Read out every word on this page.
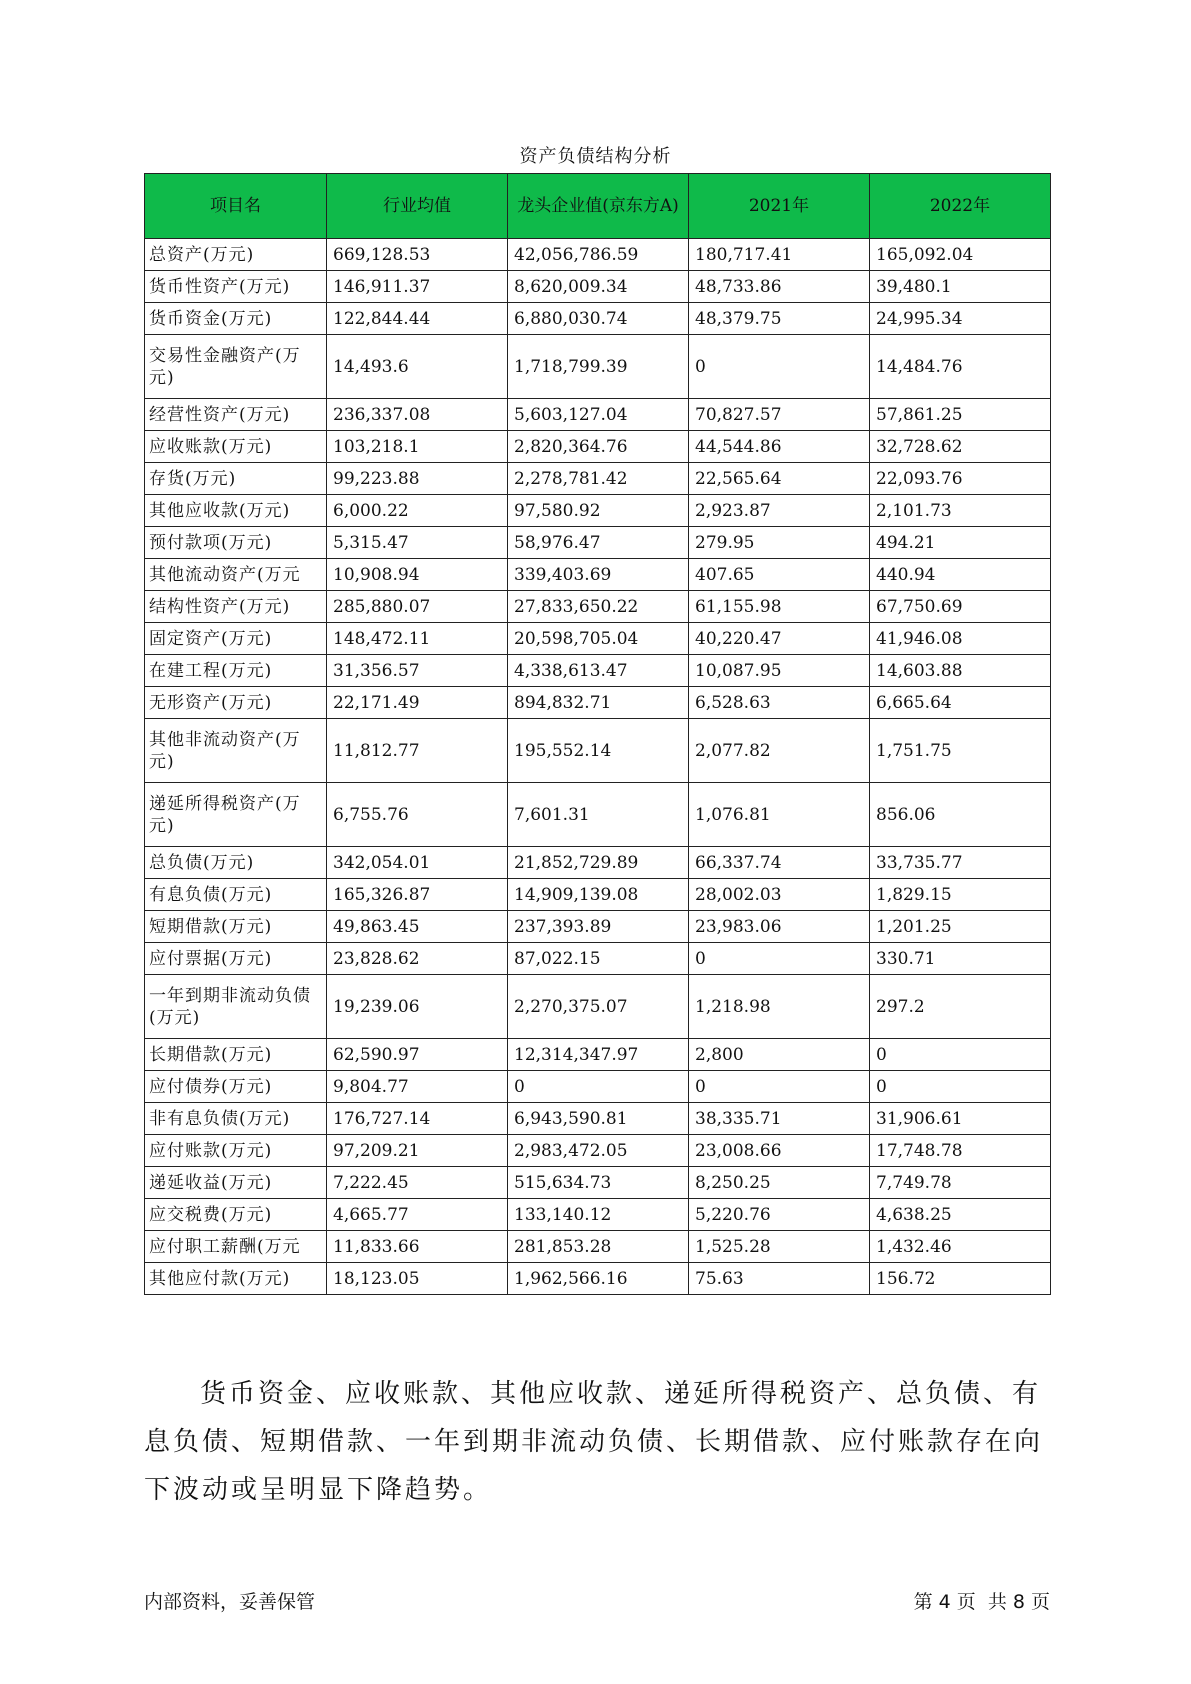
资产负债结构分析
项目名	行业均值	龙头企业值(京东方A)	2021年	2022年
总资产(万元)	669,128.53	42,056,786.59	180,717.41	165,092.04
货币性资产(万元)	146,911.37	8,620,009.34	48,733.86	39,480.1
货币资金(万元)	122,844.44	6,880,030.74	48,379.75	24,995.34
交易性金融资产(万元)	14,493.6	1,718,799.39	0	14,484.76
经营性资产(万元)	236,337.08	5,603,127.04	70,827.57	57,861.25
应收账款(万元)	103,218.1	2,820,364.76	44,544.86	32,728.62
存货(万元)	99,223.88	2,278,781.42	22,565.64	22,093.76
其他应收款(万元)	6,000.22	97,580.92	2,923.87	2,101.73
预付款项(万元)	5,315.47	58,976.47	279.95	494.21
其他流动资产(万元	10,908.94	339,403.69	407.65	440.94
结构性资产(万元)	285,880.07	27,833,650.22	61,155.98	67,750.69
固定资产(万元)	148,472.11	20,598,705.04	40,220.47	41,946.08
在建工程(万元)	31,356.57	4,338,613.47	10,087.95	14,603.88
无形资产(万元)	22,171.49	894,832.71	6,528.63	6,665.64
其他非流动资产(万元)	11,812.77	195,552.14	2,077.82	1,751.75
递延所得税资产(万元)	6,755.76	7,601.31	1,076.81	856.06
总负债(万元)	342,054.01	21,852,729.89	66,337.74	33,735.77
有息负债(万元)	165,326.87	14,909,139.08	28,002.03	1,829.15
短期借款(万元)	49,863.45	237,393.89	23,983.06	1,201.25
应付票据(万元)	23,828.62	87,022.15	0	330.71
一年到期非流动负债(万元)	19,239.06	2,270,375.07	1,218.98	297.2
长期借款(万元)	62,590.97	12,314,347.97	2,800	0
应付债券(万元)	9,804.77	0	0	0
非有息负债(万元)	176,727.14	6,943,590.81	38,335.71	31,906.61
应付账款(万元)	97,209.21	2,983,472.05	23,008.66	17,748.78
递延收益(万元)	7,222.45	515,634.73	8,250.25	7,749.78
应交税费(万元)	4,665.77	133,140.12	5,220.76	4,638.25
应付职工薪酬(万元	11,833.66	281,853.28	1,525.28	1,432.46
其他应付款(万元)	18,123.05	1,962,566.16	75.63	156.72
货币资金、应收账款、其他应收款、递延所得税资产、总负债、有息负债、短期借款、一年到期非流动负债、长期借款、应付账款存在向下波动或呈明显下降趋势。
内部资料，妥善保管	第 4 页  共 8 页
